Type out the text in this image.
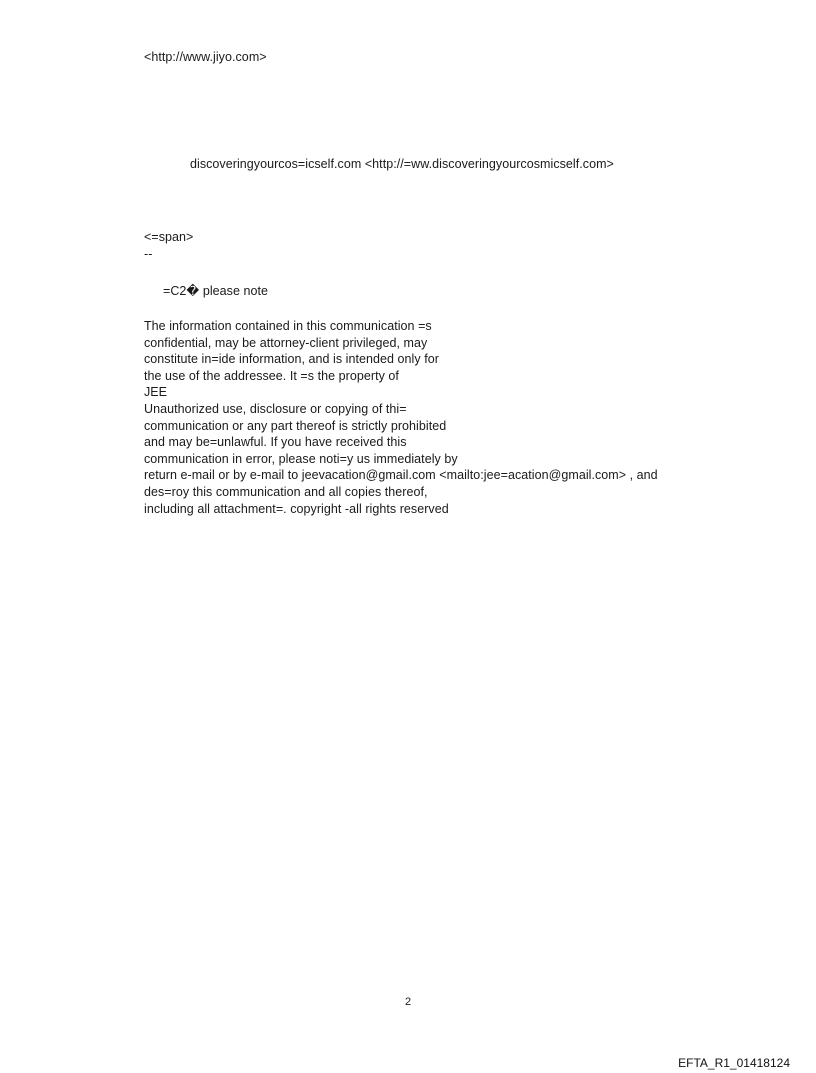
<http://www.jiyo.com>
discoveringyourcos=icself.com <http://=ww.discoveringyourcosmicself.com>
<=span>
--
=C2� please note
The information contained in this communication =s
confidential, may be attorney-client privileged, may
constitute in=ide information, and is intended only for
the use of the addressee. It =s the property of
JEE
Unauthorized use, disclosure or copying of thi=
communication or any part thereof is strictly prohibited
and may be=unlawful. If you have received this
communication in error, please noti=y us immediately by
return e-mail or by e-mail to jeevacation@gmail.com <mailto:jee=acation@gmail.com> , and
des=roy this communication and all copies thereof,
including all attachment=. copyright -all rights reserved
2
EFTA_R1_01418124
